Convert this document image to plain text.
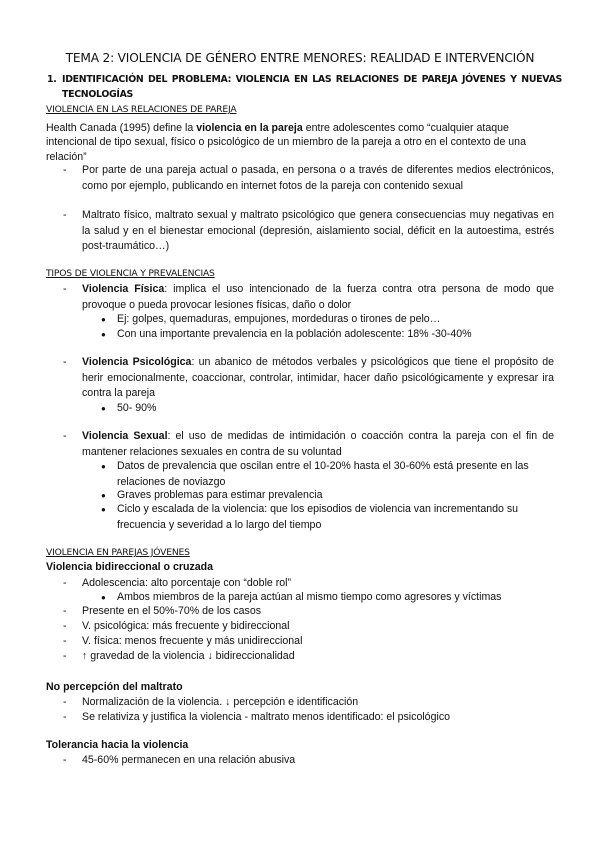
TEMA 2: VIOLENCIA DE GÉNERO ENTRE MENORES: REALIDAD E INTERVENCIÓN
1. IDENTIFICACIÓN DEL PROBLEMA: VIOLENCIA EN LAS RELACIONES DE PAREJA JÓVENES Y NUEVAS TECNOLOGÍAS
VIOLENCIA EN LAS RELACIONES DE PAREJA
Health Canada (1995) define la violencia en la pareja entre adolescentes como “cualquier ataque intencional de tipo sexual, físico o psicológico de un miembro de la pareja a otro en el contexto de una relación”
- Por parte de una pareja actual o pasada, en persona o a través de diferentes medios electrónicos, como por ejemplo, publicando en internet fotos de la pareja con contenido sexual
- Maltrato físico, maltrato sexual y maltrato psicológico que genera consecuencias muy negativas en la salud y en el bienestar emocional (depresión, aislamiento social, déficit en la autoestima, estrés post-traumático…)
TIPOS DE VIOLENCIA Y PREVALENCIAS
- Violencia Física: implica el uso intencionado de la fuerza contra otra persona de modo que provoque o pueda provocar lesiones físicas, daño o dolor
● Ej: golpes, quemaduras, empujones, mordeduras o tirones de pelo…
● Con una importante prevalencia en la población adolescente: 18% -30-40%
- Violencia Psicológica: un abanico de métodos verbales y psicológicos que tiene el propósito de herir emocionalmente, coaccionar, controlar, intimidar, hacer daño psicológicamente y expresar ira contra la pareja
● 50- 90%
- Violencia Sexual: el uso de medidas de intimidación o coacción contra la pareja con el fin de mantener relaciones sexuales en contra de su voluntad
● Datos de prevalencia que oscilan entre el 10-20% hasta el 30-60% está presente en las relaciones de noviazgo
● Graves problemas para estimar prevalencia
● Ciclo y escalada de la violencia: que los episodios de violencia van incrementando su frecuencia y severidad a lo largo del tiempo
VIOLENCIA EN PAREJAS JÓVENES
Violencia bidireccional o cruzada
- Adolescencia: alto porcentaje con “doble rol”
● Ambos miembros de la pareja actúan al mismo tiempo como agresores y víctimas
- Presente en el 50%-70% de los casos
- V. psicológica: más frecuente y bidireccional
- V. física: menos frecuente y más unidireccional
- ↑ gravedad de la violencia ↓ bidireccionalidad
No percepción del maltrato
- Normalización de la violencia. ↓ percepción e identificación
- Se relativiza y justifica la violencia - maltrato menos identificado: el psicológico
Tolerancia hacia la violencia
- 45-60% permanecen en una relación abusiva
